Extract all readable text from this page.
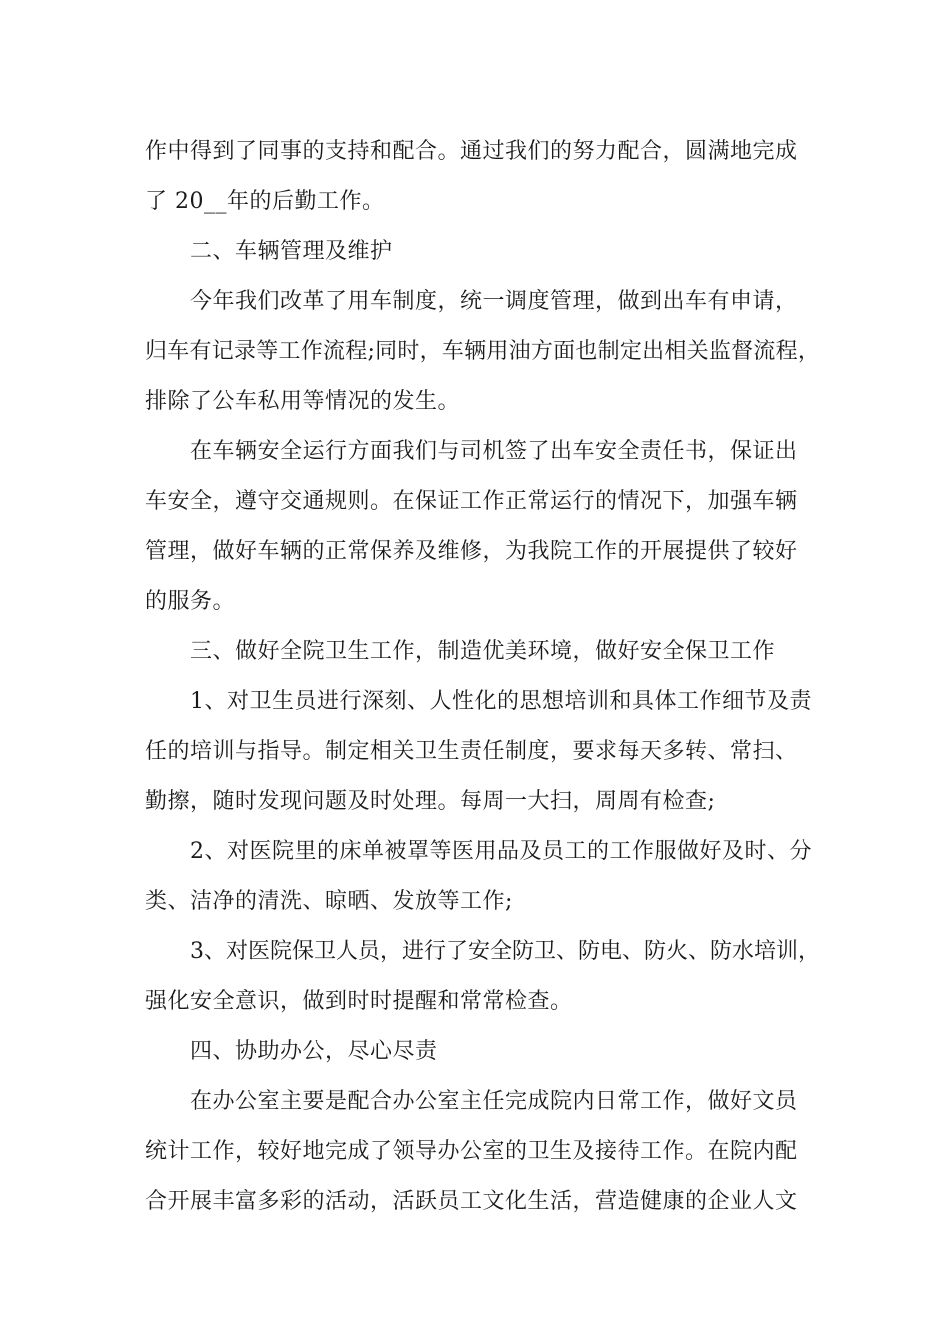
作中得到了同事的支持和配合。通过我们的努力配合，圆满地完成
了 20__年的后勤工作。
二、车辆管理及维护
今年我们改革了用车制度，统一调度管理，做到出车有申请，
归车有记录等工作流程;同时，车辆用油方面也制定出相关监督流程，
排除了公车私用等情况的发生。
在车辆安全运行方面我们与司机签了出车安全责任书，保证出
车安全，遵守交通规则。在保证工作正常运行的情况下，加强车辆
管理，做好车辆的正常保养及维修，为我院工作的开展提供了较好
的服务。
三、做好全院卫生工作，制造优美环境，做好安全保卫工作
1、对卫生员进行深刻、人性化的思想培训和具体工作细节及责
任的培训与指导。制定相关卫生责任制度，要求每天多转、常扫、
勤擦，随时发现问题及时处理。每周一大扫，周周有检查;
2、对医院里的床单被罩等医用品及员工的工作服做好及时、分
类、洁净的清洗、晾晒、发放等工作;
3、对医院保卫人员，进行了安全防卫、防电、防火、防水培训，
强化安全意识，做到时时提醒和常常检查。
四、协助办公，尽心尽责
在办公室主要是配合办公室主任完成院内日常工作，做好文员
统计工作，较好地完成了领导办公室的卫生及接待工作。在院内配
合开展丰富多彩的活动，活跃员工文化生活，营造健康的企业人文
